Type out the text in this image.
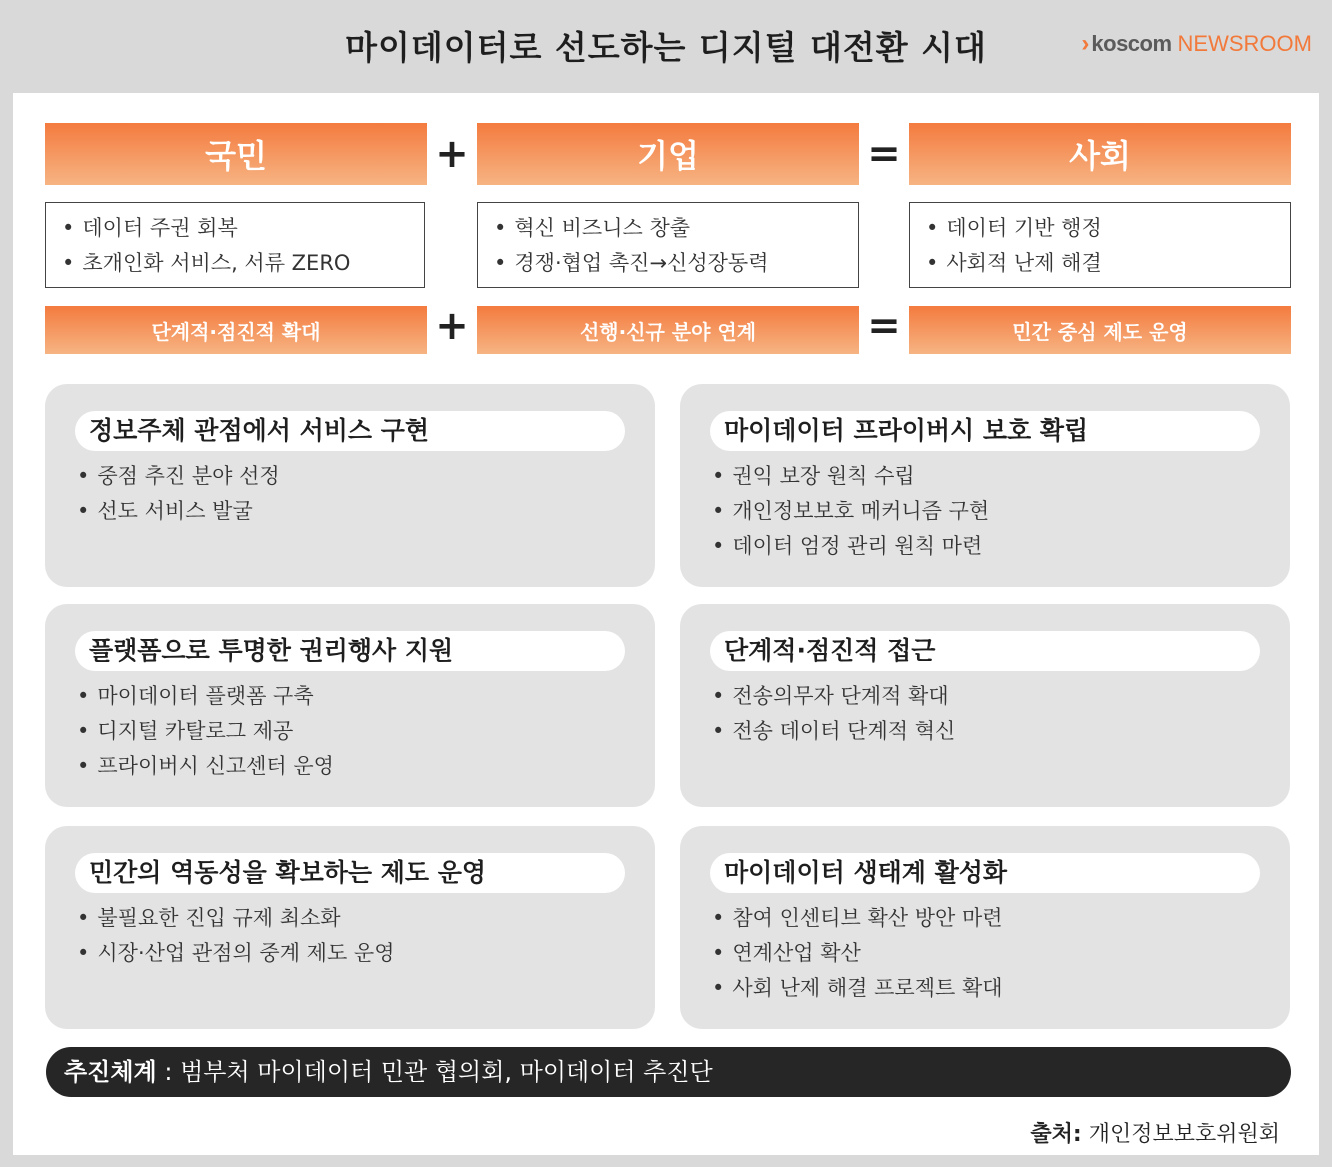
마이데이터로 선도하는 디지털 대전환 시대	› koscom NEWSROOM
국민	+	기업	=	사회
• 데이터 주권 회복
• 초개인화 서비스, 서류 ZERO
• 혁신 비즈니스 창출
• 경쟁·협업 촉진→신성장동력
• 데이터 기반 행정
• 사회적 난제 해결
단계적·점진적 확대	+	선행·신규 분야 연계	=	민간 중심 제도 운영
정보주체 관점에서 서비스 구현
• 중점 추진 분야 선정
• 선도 서비스 발굴
마이데이터 프라이버시 보호 확립
• 권익 보장 원칙 수립
• 개인정보보호 메커니즘 구현
• 데이터 엄정 관리 원칙 마련
플랫폼으로 투명한 권리행사 지원
• 마이데이터 플랫폼 구축
• 디지털 카탈로그 제공
• 프라이버시 신고센터 운영
단계적·점진적 접근
• 전송의무자 단계적 확대
• 전송 데이터 단계적 혁신
민간의 역동성을 확보하는 제도 운영
• 불필요한 진입 규제 최소화
• 시장·산업 관점의 중계 제도 운영
마이데이터 생태계 활성화
• 참여 인센티브 확산 방안 마련
• 연계산업 확산
• 사회 난제 해결 프로젝트 확대
추진체계 : 범부처 마이데이터 민관 협의회, 마이데이터 추진단
출처: 개인정보보호위원회
